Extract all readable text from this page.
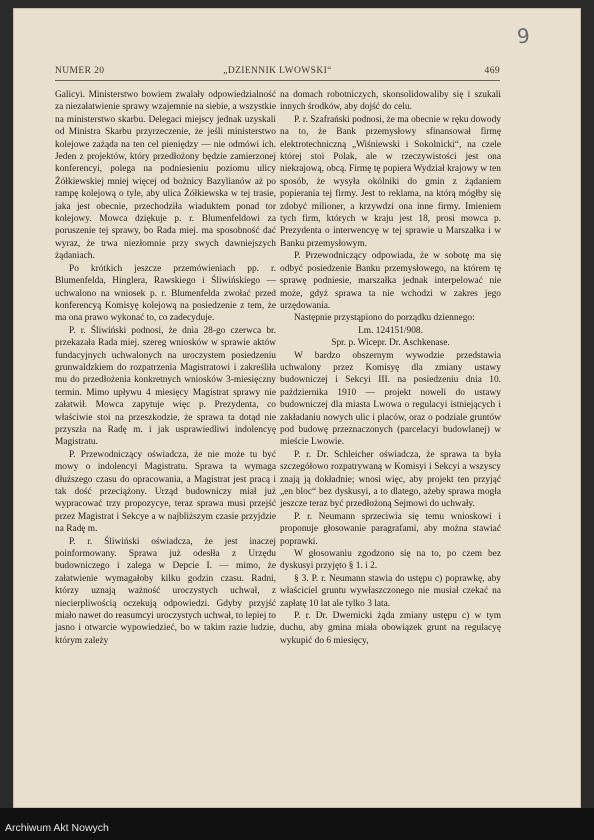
9
NUMER 20	„DZIENNIK LWOWSKI“	469

Galicyi. Ministerstwo bowiem zwalały odpowiedzialność za niezałatwienie sprawy wzajemnie na siebie, a wszystkie na ministerstwo skarbu. Delegaci miejscy jednak uzyskali od Ministra Skarbu przyrzeczenie, że jeśli ministerstwo kolejowe zażąda na ten cel pieniędzy — nie odmówi ich. Jeden z projektów, który przedłożony będzie zamierzonej konferencyi, polega na podniesieniu poziomu ulicy Żółkiewskiej mniej więcej od bożnicy Bazylianów aż po rampę kolejową o tyle, aby ulica Żółkiewska w tej trasie, jaka jest obecnie, przechodziła wiaduktem ponad tor kolejowy. Mowca dziękuje p. r. Blumenfeldowi za poruszenie tej sprawy, bo Rada miej. ma sposobność dać wyraz, że trwa niezłomnie przy swych dawniejszych żądaniach.

Po krótkich jeszcze przemówieniach pp. r. Blumenfelda, Hinglera, Rawskiego i Śliwińskiego — uchwalono na wniosek p. r. Blumenfelda zwołać przed konferencyą Komisyę kolejową na posiedzenie z tem, że ma ona prawo wykonać to, co zadecyduje.

P. r. Śliwiński podnosi, że dnia 28-go czerwca br. przekazała Rada miej. szereg wniosków w sprawie aktów fundacyjnych uchwalonych na uroczystem posiedzeniu grunwaldzkiem do rozpatrzenia Magistratowi i zakreśliła mu do przedłożenia konkretnych wniosków 3-miesięczny termin. Mimo upływu 4 miesięcy Magistrat sprawy nie załatwił. Mowca zapytuje więc p. Prezydenta, co właściwie stoi na przeszkodzie, że sprawa ta dotąd nie przyszła na Radę m. i jak usprawiedliwi indolencyę Magistratu.

P. Przewodniczący oświadcza, że nie może tu być mowy o indolencyi Magistratu. Sprawa ta wymaga dłuższego czasu do opracowania, a Magistrat jest pracą i tak dość przeciążony. Urząd budowniczy miał już wypracować trzy propozycye, teraz sprawa musi przejść przez Magistrat i Sekcye a w najbliższym czasie przyjdzie na Radę m.

P. r. Śliwiński oświadcza, że jest inaczej poinformowany. Sprawa już odesłła z Urzędu budowniczego i zalega w Depcie I. — mimo, że załatwienie wymagałoby kilku godzin czasu. Radni, którzy uznają ważność uroczystych uchwał, z niecierpliwością oczekują odpowiedzi. Gdyby przyjść miało nawet do reasumcyi uroczystych uchwał, to lepiej to jasno i otwarcie wypowiedzieć, bo w takim razie ludzie, którym zależy

na domach robotniczych, skonsolidowaliby się i szukali innych środków, aby dojść do celu.

P. r. Szafrański podnosi, że ma obecnie w ręku dowody na to, że Bank przemysłowy sfinansował firmę elektrotechniczną „Wiśniewski i Sokolnicki“, na czele której stoi Polak, ale w rzeczywistości jest ona niekrajową, obcą. Firmę tę popiera Wydział krajowy w ten sposób, że wysyła okólniki do gmin z żądaniem popierania tej firmy. Jest to reklama, na którą mógłby się zdobyć milioner, a krzywdzi ona inne firmy. Imieniem tych firm, których w kraju jest 18, prosi mowca p. Prezydenta o interwencyę w tej sprawie u Marszałka i w Banku przemysłowym.

P. Przewodniczący odpowiada, że w sobotę ma się odbyć posiedzenie Banku przemysłowego, na którem tę sprawę podniesie, marszałka jednak interpelować nie może, gdyż sprawa ta nie wchodzi w zakres jego urzędowania.

Następnie przystąpiono do porządku dziennego:

Lm. 124151/908.

Spr. p. Wicepr. Dr. Aschkenase.

W bardzo obszernym wywodzie przedstawia uchwalony przez Komisyę dla zmiany ustawy budowniczej i Sekcyi III. na posiedzeniu dnia 10. października 1910 — projekt noweli do ustawy budowniczej dla miasta Lwowa o regulacyi istniejących i zakładaniu nowych ulic i placów, oraz o podziale gruntów pod budowę przeznaczonych (parcelacyi budowlanej) w mieście Lwowie.

P. r. Dr. Schleicher oświadcza, że sprawa ta była szczegółowo rozpatrywaną w Komisyi i Sekcyi a wszyscy znają ją dokładnie; wnosi więc, aby projekt ten przyjąć „en bloc“ bez dyskusyi, a to dlatego, ażeby sprawa mogła jeszcze teraz być przedłożoną Sejmowi do uchwały.

P. r. Neumann sprzeciwia się temu wnioskowi i proponuje głosowanie paragrafami, aby można stawiać poprawki.

W głosowaniu zgodzono się na to, po czem bez dyskusyi przyjęto § 1. i 2.

§ 3. P. r. Neumann stawia do ustępu c) poprawkę, aby właściciel gruntu wywłaszczonego nie musiał czekać na zapłatę 10 lat ale tylko 3 lata.

P. r. Dr. Dwernicki żąda zmiany ustępu c) w tym duchu, aby gmina miała obowiązek grunt na regulacyę wykupić do 6 miesięcy,

Archiwum Akt Nowych
